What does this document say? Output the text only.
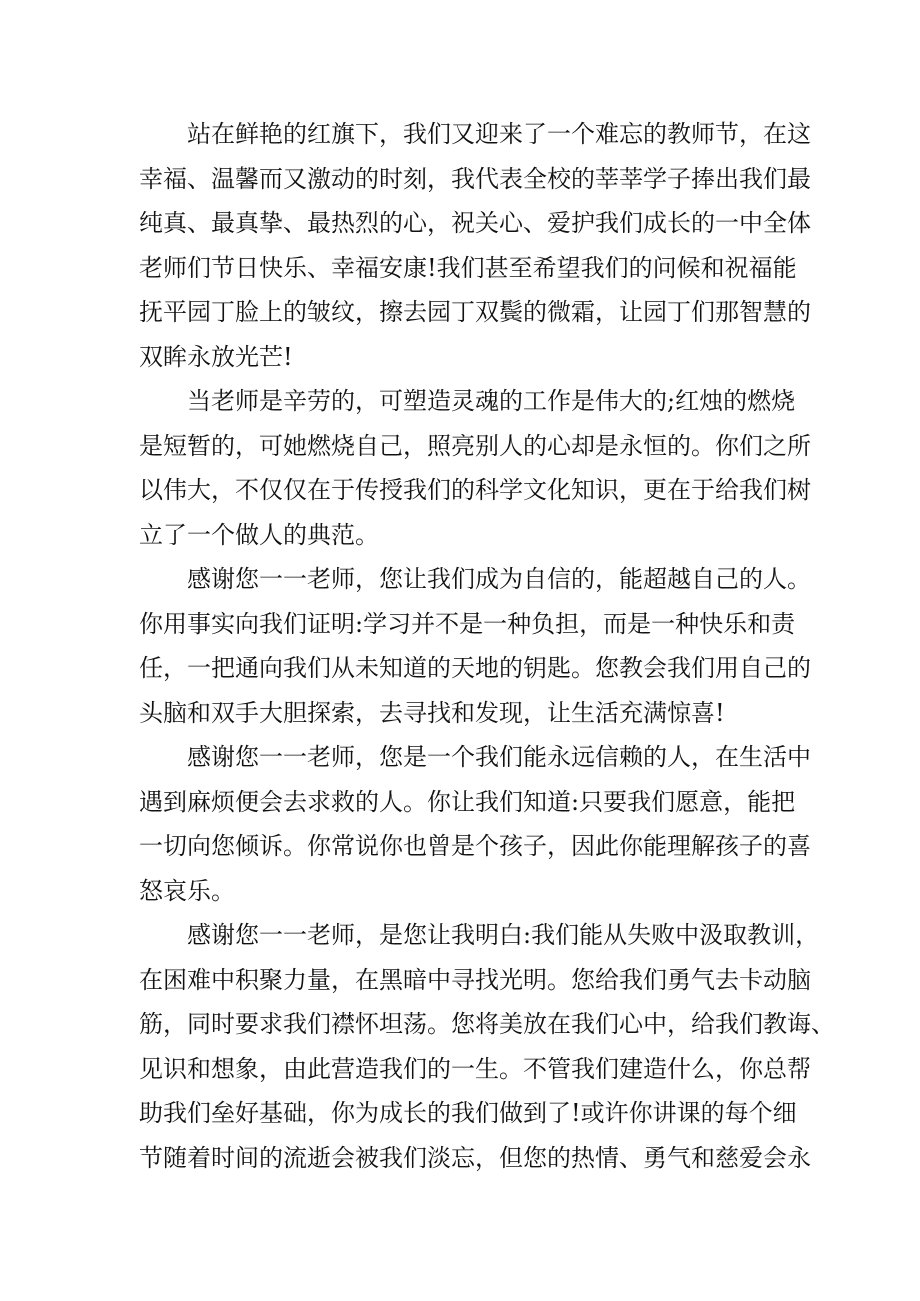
站在鲜艳的红旗下，我们又迎来了一个难忘的教师节，在这
幸福、温馨而又激动的时刻，我代表全校的莘莘学子捧出我们最
纯真、最真挚、最热烈的心，祝关心、爱护我们成长的一中全体
老师们节日快乐、幸福安康!我们甚至希望我们的问候和祝福能
抚平园丁脸上的皱纹，擦去园丁双鬓的微霜，让园丁们那智慧的
双眸永放光芒!
当老师是辛劳的，可塑造灵魂的工作是伟大的;红烛的燃烧
是短暂的，可她燃烧自己，照亮别人的心却是永恒的。你们之所
以伟大，不仅仅在于传授我们的科学文化知识，更在于给我们树
立了一个做人的典范。
感谢您一一老师，您让我们成为自信的，能超越自己的人。
你用事实向我们证明:学习并不是一种负担，而是一种快乐和责
任，一把通向我们从未知道的天地的钥匙。您教会我们用自己的
头脑和双手大胆探索，去寻找和发现，让生活充满惊喜!
感谢您一一老师，您是一个我们能永远信赖的人，在生活中
遇到麻烦便会去求救的人。你让我们知道:只要我们愿意，能把
一切向您倾诉。你常说你也曾是个孩子，因此你能理解孩子的喜
怒哀乐。
感谢您一一老师，是您让我明白:我们能从失败中汲取教训，
在困难中积聚力量，在黑暗中寻找光明。您给我们勇气去卡动脑
筋，同时要求我们襟怀坦荡。您将美放在我们心中，给我们教诲、
见识和想象，由此营造我们的一生。不管我们建造什么，你总帮
助我们垒好基础，你为成长的我们做到了!或许你讲课的每个细
节随着时间的流逝会被我们淡忘，但您的热情、勇气和慈爱会永
